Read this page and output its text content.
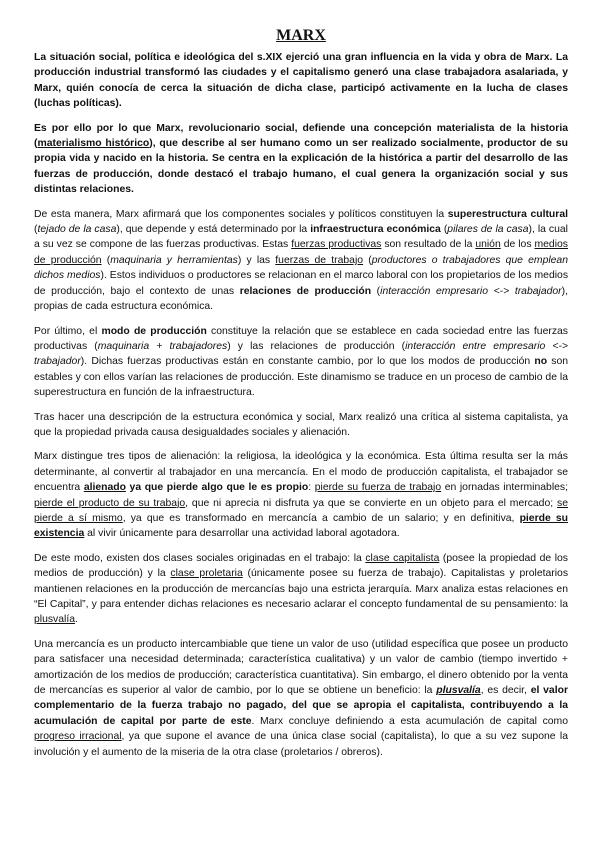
MARX

La situación social, política e ideológica del s.XIX ejerció una gran influencia en la vida y obra de Marx. La producción industrial transformó las ciudades y el capitalismo generó una clase trabajadora asalariada, y Marx, quién conocía de cerca la situación de dicha clase, participó activamente en la lucha de clases (luchas políticas).

Es por ello por lo que Marx, revolucionario social, defiende una concepción materialista de la historia (materialismo histórico), que describe al ser humano como un ser realizado socialmente, productor de su propia vida y nacido en la historia. Se centra en la explicación de la histórica a partir del desarrollo de las fuerzas de producción, donde destacó el trabajo humano, el cual genera la organización social y sus distintas relaciones.

De esta manera, Marx afirmará que los componentes sociales y políticos constituyen la superestructura cultural (tejado de la casa), que depende y está determinado por la infraestructura económica (pilares de la casa), la cual a su vez se compone de las fuerzas productivas. Estas fuerzas productivas son resultado de la unión de los medios de producción (maquinaria y herramientas) y las fuerzas de trabajo (productores o trabajadores que emplean dichos medios). Estos individuos o productores se relacionan en el marco laboral con los propietarios de los medios de producción, bajo el contexto de unas relaciones de producción (interacción empresario <-> trabajador), propias de cada estructura económica.

Por último, el modo de producción constituye la relación que se establece en cada sociedad entre las fuerzas productivas (maquinaria + trabajadores) y las relaciones de producción (interacción entre empresario <-> trabajador). Dichas fuerzas productivas están en constante cambio, por lo que los modos de producción no son estables y con ellos varían las relaciones de producción. Este dinamismo se traduce en un proceso de cambio de la superestructura en función de la infraestructura.

Tras hacer una descripción de la estructura económica y social, Marx realizó una crítica al sistema capitalista, ya que la propiedad privada causa desigualdades sociales y alienación.

Marx distingue tres tipos de alienación: la religiosa, la ideológica y la económica. Esta última resulta ser la más determinante, al convertir al trabajador en una mercancía. En el modo de producción capitalista, el trabajador se encuentra alienado ya que pierde algo que le es propio: pierde su fuerza de trabajo en jornadas interminables; pierde el producto de su trabajo, que ni aprecia ni disfruta ya que se convierte en un objeto para el mercado; se pierde a sí mismo, ya que es transformado en mercancía a cambio de un salario; y en definitiva, pierde su existencia al vivir únicamente para desarrollar una actividad laboral agotadora.

De este modo, existen dos clases sociales originadas en el trabajo: la clase capitalista (posee la propiedad de los medios de producción) y la clase proletaria (únicamente posee su fuerza de trabajo). Capitalistas y proletarios mantienen relaciones en la producción de mercancías bajo una estricta jerarquía. Marx analiza estas relaciones en “El Capital”, y para entender dichas relaciones es necesario aclarar el concepto fundamental de su pensamiento: la plusvalía.

Una mercancía es un producto intercambiable que tiene un valor de uso (utilidad específica que posee un producto para satisfacer una necesidad determinada; característica cualitativa) y un valor de cambio (tiempo invertido + amortización de los medios de producción; característica cuantitativa). Sin embargo, el dinero obtenido por la venta de mercancías es superior al valor de cambio, por lo que se obtiene un beneficio: la plusvalía, es decir, el valor complementario de la fuerza trabajo no pagado, del que se apropia el capitalista, contribuyendo a la acumulación de capital por parte de este. Marx concluye definiendo a esta acumulación de capital como progreso irracional, ya que supone el avance de una única clase social (capitalista), lo que a su vez supone la involución y el aumento de la miseria de la otra clase (proletarios / obreros).
